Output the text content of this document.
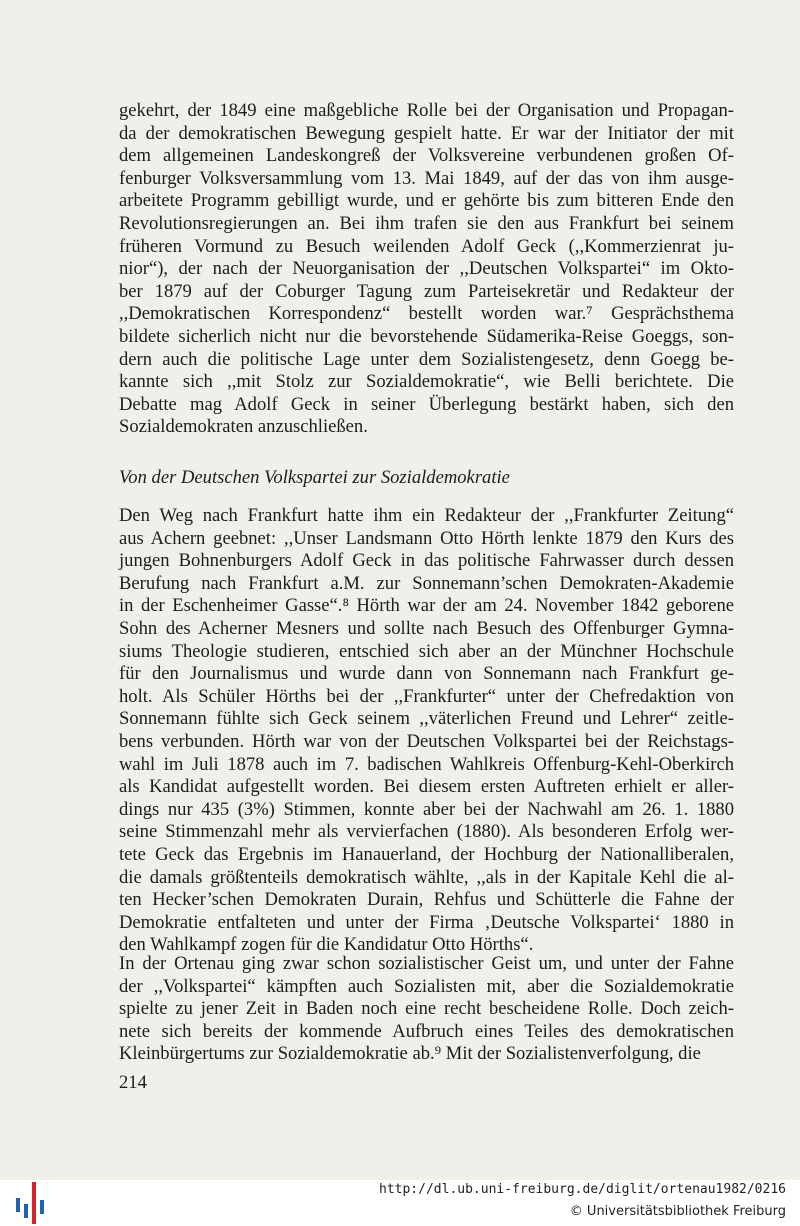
gekehrt, der 1849 eine maßgebliche Rolle bei der Organisation und Propagan-
da der demokratischen Bewegung gespielt hatte. Er war der Initiator der mit
dem allgemeinen Landeskongreß der Volksvereine verbundenen großen Of-
fenburger Volksversammlung vom 13. Mai 1849, auf der das von ihm ausge-
arbeitete Programm gebilligt wurde, und er gehörte bis zum bitteren Ende den
Revolutionsregierungen an. Bei ihm trafen sie den aus Frankfurt bei seinem
früheren Vormund zu Besuch weilenden Adolf Geck (,,Kommerzienrat ju-
nior“), der nach der Neuorganisation der ,,Deutschen Volkspartei“ im Okto-
ber 1879 auf der Coburger Tagung zum Parteisekretär und Redakteur der
,,Demokratischen Korrespondenz“ bestellt worden war.⁷ Gesprächsthema
bildete sicherlich nicht nur die bevorstehende Südamerika-Reise Goeggs, son-
dern auch die politische Lage unter dem Sozialistengesetz, denn Goegg be-
kannte sich ,,mit Stolz zur Sozialdemokratie“, wie Belli berichtete. Die
Debatte mag Adolf Geck in seiner Überlegung bestärkt haben, sich den
Sozialdemokraten anzuschließen.
Von der Deutschen Volkspartei zur Sozialdemokratie
Den Weg nach Frankfurt hatte ihm ein Redakteur der ,,Frankfurter Zeitung“
aus Achern geebnet: ,,Unser Landsmann Otto Hörth lenkte 1879 den Kurs des
jungen Bohnenburgers Adolf Geck in das politische Fahrwasser durch dessen
Berufung nach Frankfurt a.M. zur Sonnemann’schen Demokraten-Akademie
in der Eschenheimer Gasse“.⁸ Hörth war der am 24. November 1842 geborene
Sohn des Acherner Mesners und sollte nach Besuch des Offenburger Gymna-
siums Theologie studieren, entschied sich aber an der Münchner Hochschule
für den Journalismus und wurde dann von Sonnemann nach Frankfurt ge-
holt. Als Schüler Hörths bei der ,,Frankfurter“ unter der Chefredaktion von
Sonnemann fühlte sich Geck seinem ,,väterlichen Freund und Lehrer“ zeitle-
bens verbunden. Hörth war von der Deutschen Volkspartei bei der Reichstags-
wahl im Juli 1878 auch im 7. badischen Wahlkreis Offenburg-Kehl-Oberkirch
als Kandidat aufgestellt worden. Bei diesem ersten Auftreten erhielt er aller-
dings nur 435 (3%) Stimmen, konnte aber bei der Nachwahl am 26. 1. 1880
seine Stimmenzahl mehr als vervierfachen (1880). Als besonderen Erfolg wer-
tete Geck das Ergebnis im Hanauerland, der Hochburg der Nationalliberalen,
die damals größtenteils demokratisch wählte, ,,als in der Kapitale Kehl die al-
ten Hecker’schen Demokraten Durain, Rehfus und Schütterle die Fahne der
Demokratie entfalteten und unter der Firma ‚Deutsche Volkspartei‘ 1880 in
den Wahlkampf zogen für die Kandidatur Otto Hörths“.
In der Ortenau ging zwar schon sozialistischer Geist um, und unter der Fahne
der ,,Volkspartei“ kämpften auch Sozialisten mit, aber die Sozialdemokratie
spielte zu jener Zeit in Baden noch eine recht bescheidene Rolle. Doch zeich-
nete sich bereits der kommende Aufbruch eines Teiles des demokratischen
Kleinbürgertums zur Sozialdemokratie ab.⁹ Mit der Sozialistenverfolgung, die
214
http://dl.ub.uni-freiburg.de/diglit/ortenau1982/0216
© Universitätsbibliothek Freiburg
